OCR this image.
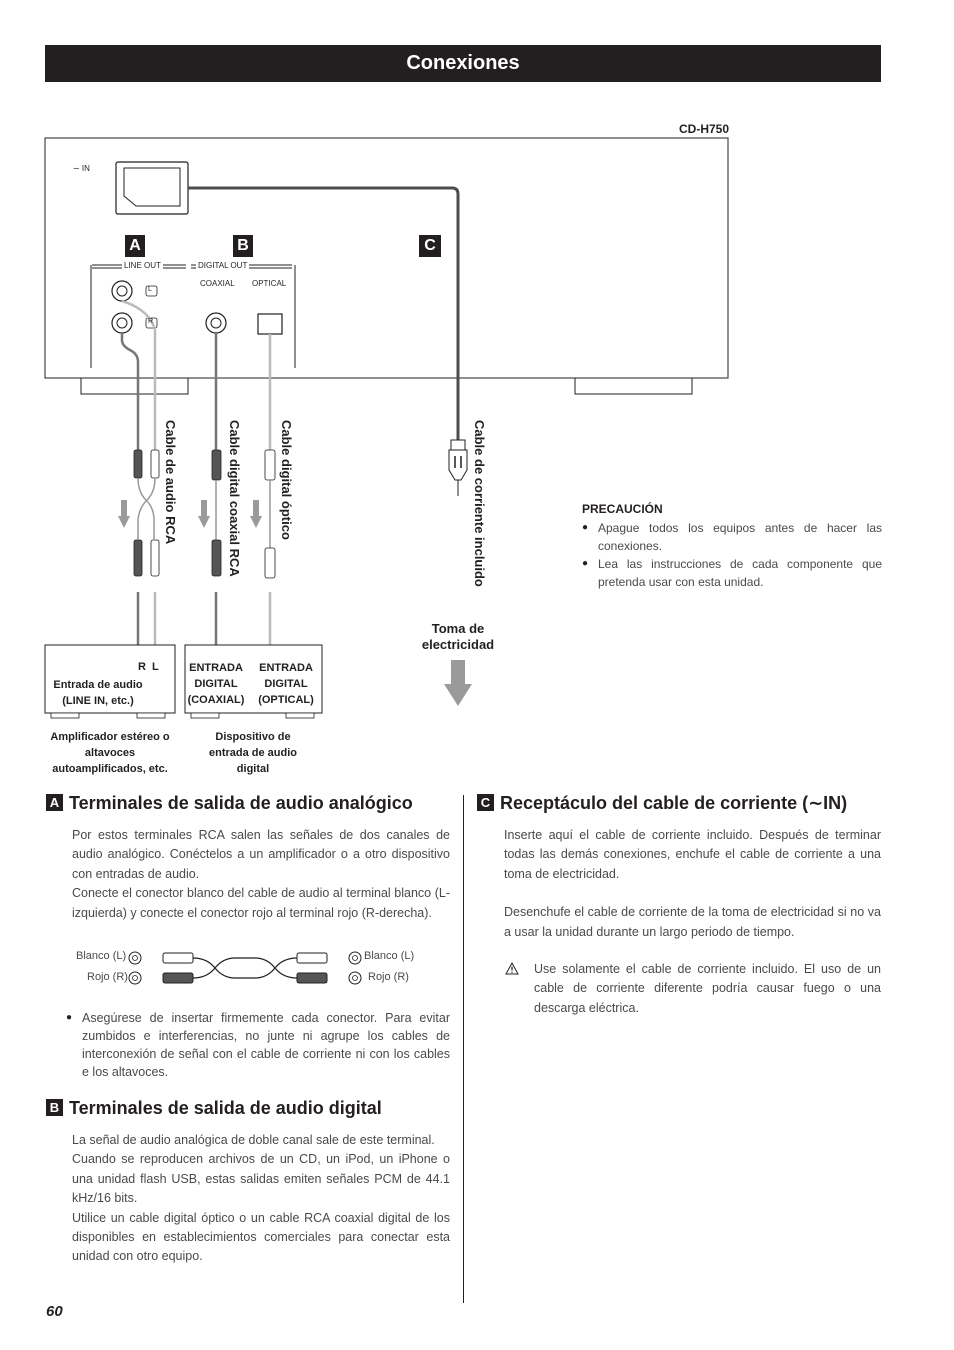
Conexiones
CD-H750
∼ IN
A	B	C
LINE OUT	DIGITAL OUT
COAXIAL OPTICAL
L
R
Cable de audio RCA	Cable digital coaxial RCA	Cable digital óptico	Cable de corriente incluido
R  L
Entrada de audio (LINE IN, etc.)
ENTRADA DIGITAL (COAXIAL)
ENTRADA DIGITAL (OPTICAL)
Amplificador estéreo o altavoces autoamplificados, etc.
Dispositivo de entrada de audio digital
Toma de electricidad
PRECAUCIÓN
● Apague todos los equipos antes de hacer las conexiones.
● Lea las instrucciones de cada componente que pretenda usar con esta unidad.
A Terminales de salida de audio analógico

Por estos terminales RCA salen las señales de dos canales de audio analógico. Conéctelos a un amplificador o a otro dispositivo con entradas de audio.

Conecte el conector blanco del cable de audio al terminal blanco (L-izquierda) y conecte el conector rojo al terminal rojo (R-derecha).

Blanco (L)
Rojo (R)
Blanco (L)
Rojo (R)
● Asegúrese de insertar firmemente cada conector. Para evitar zumbidos e interferencias, no junte ni agrupe los cables de interconexión de señal con el cable de corriente ni con los cables e los altavoces.
B Terminales de salida de audio digital

La señal de audio analógica de doble canal sale de este terminal.

Cuando se reproducen archivos de un CD, un iPod, un iPhone o una unidad flash USB, estas salidas emiten señales PCM de 44.1 kHz/16 bits.

Utilice un cable digital óptico o un cable RCA coaxial digital de los disponibles en establecimientos comerciales para conectar esta unidad con otro equipo.

C Receptáculo del cable de corriente (∼IN)

Inserte aquí el cable de corriente incluido. Después de terminar todas las demás conexiones, enchufe el cable de corriente a una toma de electricidad.

Desenchufe el cable de corriente de la toma de electricidad si no va a usar la unidad durante un largo periodo de tiempo.

Use solamente el cable de corriente incluido. El uso de un cable de corriente diferente podría causar fuego o una descarga eléctrica.
60
